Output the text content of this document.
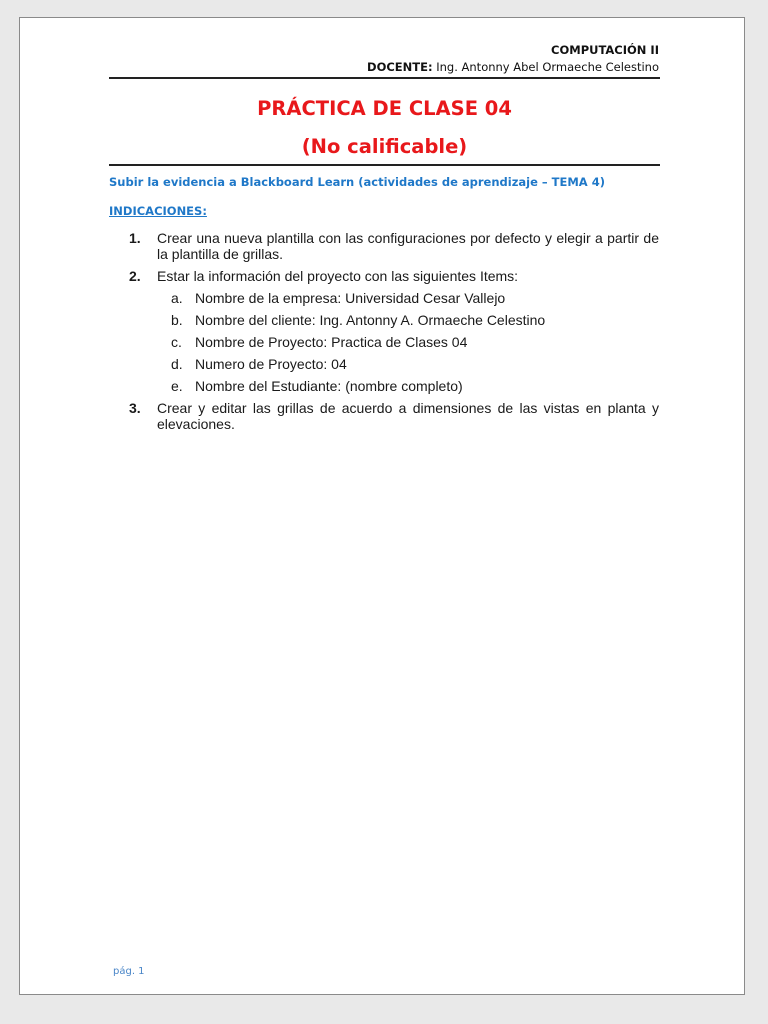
COMPUTACIÓN II
DOCENTE: Ing. Antonny Abel Ormaeche Celestino
PRÁCTICA DE CLASE 04
(No calificable)
Subir la evidencia a Blackboard Learn (actividades de aprendizaje – TEMA 4)
INDICACIONES:
1.	Crear una nueva plantilla con las configuraciones por defecto y elegir a partir de la plantilla de grillas.
2.	Estar la información del proyecto con las siguientes Items:
a. Nombre de la empresa: Universidad Cesar Vallejo
b. Nombre del cliente: Ing. Antonny A. Ormaeche Celestino
c. Nombre de Proyecto: Practica de Clases 04
d. Numero de Proyecto: 04
e. Nombre del Estudiante: (nombre completo)
3.	Crear y editar las grillas de acuerdo a dimensiones de las vistas en planta y elevaciones.
pág. 1
